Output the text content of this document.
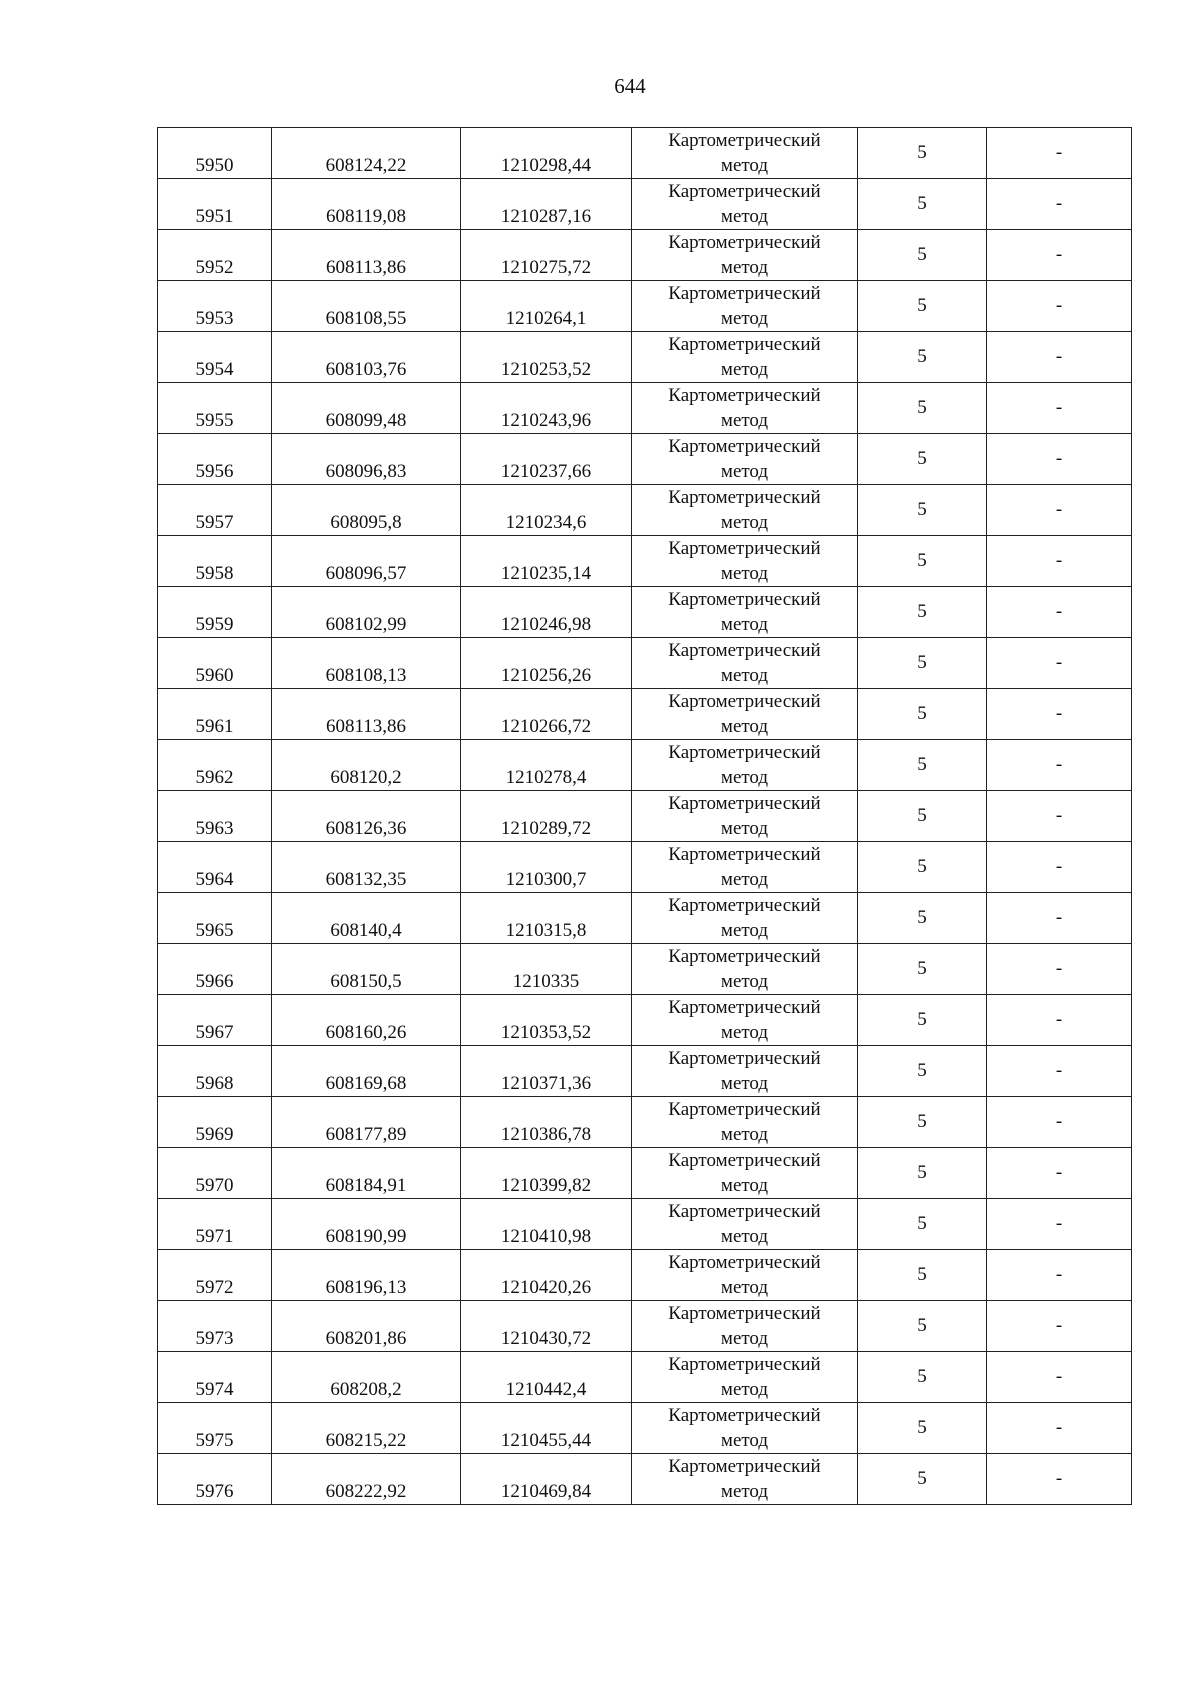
644
5950	608124,22	1210298,44	Картометрический
метод	5	-
5951	608119,08	1210287,16	Картометрический
метод	5	-
5952	608113,86	1210275,72	Картометрический
метод	5	-
5953	608108,55	1210264,1	Картометрический
метод	5	-
5954	608103,76	1210253,52	Картометрический
метод	5	-
5955	608099,48	1210243,96	Картометрический
метод	5	-
5956	608096,83	1210237,66	Картометрический
метод	5	-
5957	608095,8	1210234,6	Картометрический
метод	5	-
5958	608096,57	1210235,14	Картометрический
метод	5	-
5959	608102,99	1210246,98	Картометрический
метод	5	-
5960	608108,13	1210256,26	Картометрический
метод	5	-
5961	608113,86	1210266,72	Картометрический
метод	5	-
5962	608120,2	1210278,4	Картометрический
метод	5	-
5963	608126,36	1210289,72	Картометрический
метод	5	-
5964	608132,35	1210300,7	Картометрический
метод	5	-
5965	608140,4	1210315,8	Картометрический
метод	5	-
5966	608150,5	1210335	Картометрический
метод	5	-
5967	608160,26	1210353,52	Картометрический
метод	5	-
5968	608169,68	1210371,36	Картометрический
метод	5	-
5969	608177,89	1210386,78	Картометрический
метод	5	-
5970	608184,91	1210399,82	Картометрический
метод	5	-
5971	608190,99	1210410,98	Картометрический
метод	5	-
5972	608196,13	1210420,26	Картометрический
метод	5	-
5973	608201,86	1210430,72	Картометрический
метод	5	-
5974	608208,2	1210442,4	Картометрический
метод	5	-
5975	608215,22	1210455,44	Картометрический
метод	5	-
5976	608222,92	1210469,84	Картометрический
метод	5	-
